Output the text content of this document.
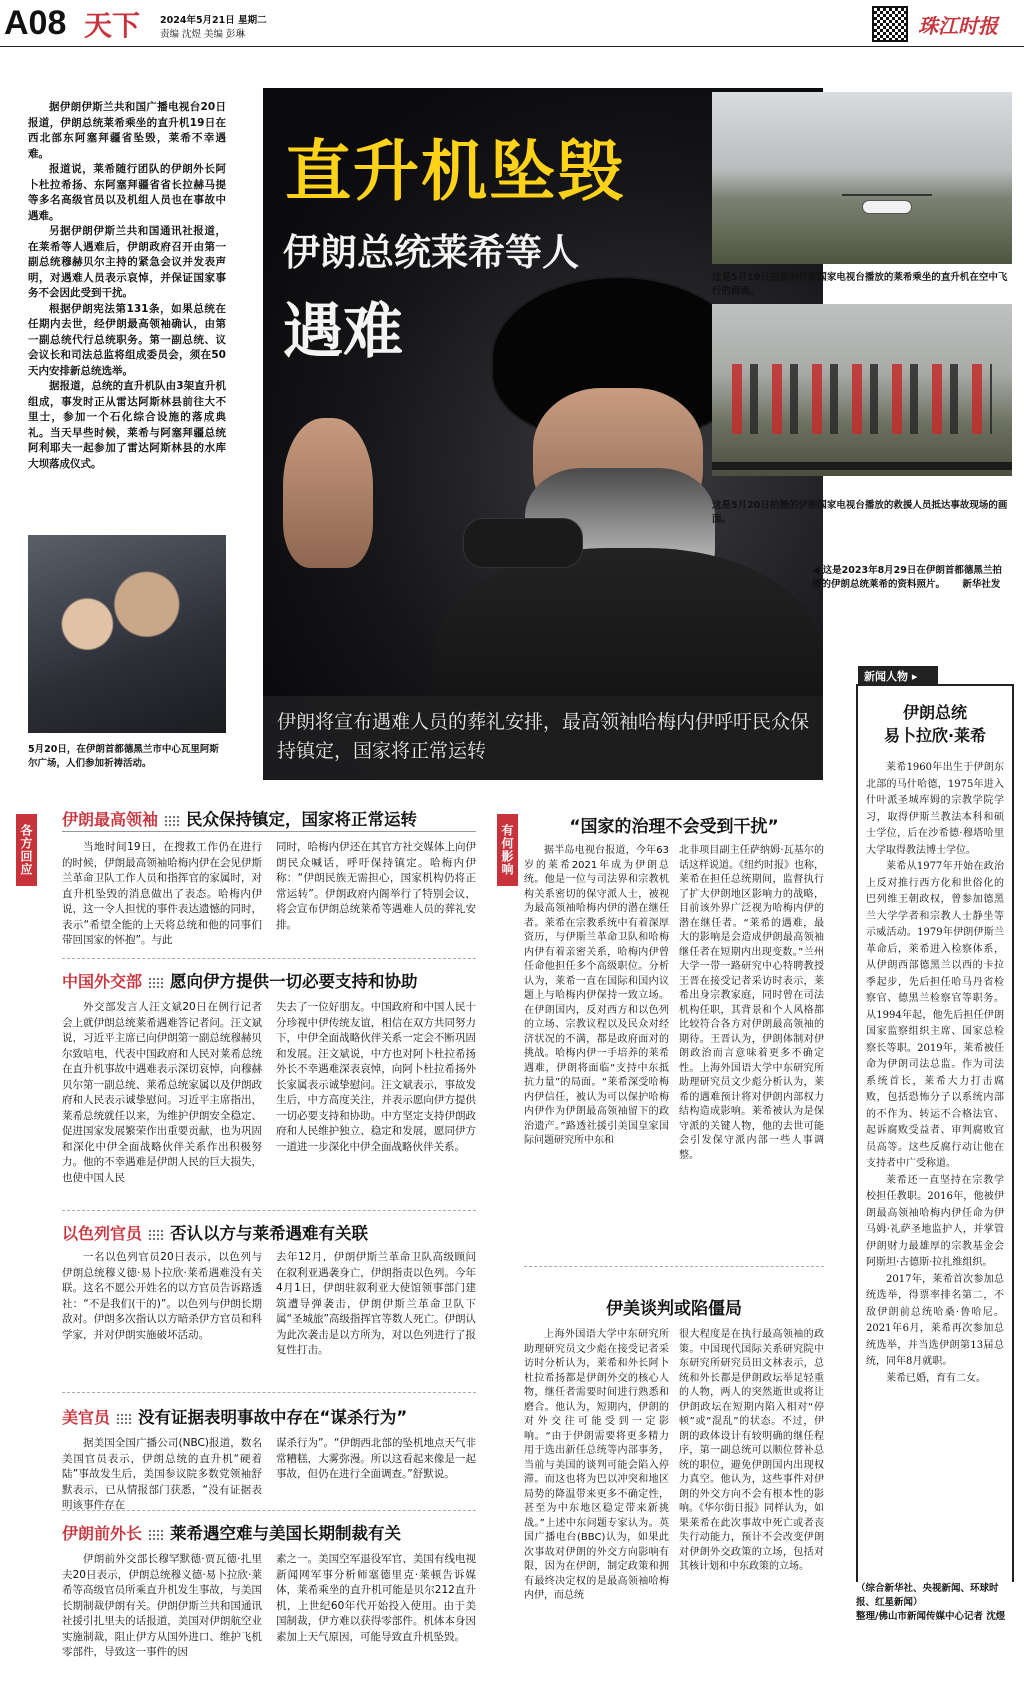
A08 天下 2024年5月21日 星期二
责编 沈煜 美编 彭琳	珠江时报

据伊朗伊斯兰共和国广播电视台20日报道，伊朗总统莱希乘坐的直升机19日在西北部东阿塞拜疆省坠毁，莱希不幸遇难。

报道说，莱希随行团队的伊朗外长阿卜杜拉希扬、东阿塞拜疆省省长拉赫马提等多名高级官员以及机组人员也在事故中遇难。

另据伊朗伊斯兰共和国通讯社报道，在莱希等人遇难后，伊朗政府召开由第一副总统穆赫贝尔主持的紧急会议并发表声明，对遇难人员表示哀悼，并保证国家事务不会因此受到干扰。

根据伊朗宪法第131条，如果总统在任期内去世，经伊朗最高领袖确认，由第一副总统代行总统职务。第一副总统、议会议长和司法总监将组成委员会，须在50天内安排新总统选举。

据报道，总统的直升机队由3架直升机组成，事发时正从雷达阿斯林县前往大不里士，参加一个石化综合设施的落成典礼。当天早些时候，莱希与阿塞拜疆总统阿利耶夫一起参加了雷达阿斯林县的水库大坝落成仪式。

5月20日，在伊朗首都德黑兰市中心瓦里阿斯尔广场，人们参加祈祷活动。
直升机坠毁
伊朗总统莱希等人
遇难
伊朗将宣布遇难人员的葬礼安排，最高领袖哈梅内伊呼吁民众保持镇定，国家将正常运转
这是5月19日拍摄的伊朗国家电视台播放的莱希乘坐的直升机在空中飞行的画面。
这是5月20日拍摄的伊朗国家电视台播放的救援人员抵达事故现场的画面。
◀ 这是2023年8月29日在伊朗首都德黑兰拍摄的伊朗总统莱希的资料照片。 新华社发
各方回应	有何影响
伊朗最高领袖 民众保持镇定，国家将正常运转

当地时间19日，在搜救工作仍在进行的时候，伊朗最高领袖哈梅内伊在会见伊斯兰革命卫队工作人员和指挥官的家属时，对直升机坠毁的消息做出了表态。哈梅内伊说，这一令人担忧的事件表达遗憾的同时，表示“希望全能的上天将总统和他的同事们带回国家的怀抱”。与此

同时，哈梅内伊还在其官方社交媒体上向伊朗民众喊话，呼吁保持镇定。哈梅内伊称：“伊朗民族无需担心，国家机构仍将正常运转”。伊朗政府内阁举行了特别会议，将会宣布伊朗总统莱希等遇难人员的葬礼安排。

中国外交部 愿向伊方提供一切必要支持和协助

外交部发言人汪文斌20日在例行记者会上就伊朗总统莱希遇难答记者问。汪文斌说，习近平主席已向伊朗第一副总统穆赫贝尔致唁电，代表中国政府和人民对莱希总统在直升机事故中遇难表示深切哀悼，向穆赫贝尔第一副总统、莱希总统家属以及伊朗政府和人民表示诚挚慰问。习近平主席指出，莱希总统就任以来，为维护伊朗安全稳定、促进国家发展繁荣作出重要贡献，也为巩固和深化中伊全面战略伙伴关系作出积极努力。他的不幸遇难是伊朗人民的巨大损失，也使中国人民

失去了一位好朋友。中国政府和中国人民十分珍视中伊传统友谊，相信在双方共同努力下，中伊全面战略伙伴关系一定会不断巩固和发展。汪文斌说，中方也对阿卜杜拉希扬外长不幸遇难深表哀悼，向阿卜杜拉希扬外长家属表示诚挚慰问。汪文斌表示，事故发生后，中方高度关注，并表示愿向伊方提供一切必要支持和协助。中方坚定支持伊朗政府和人民维护独立、稳定和发展，愿同伊方一道进一步深化中伊全面战略伙伴关系。

以色列官员 否认以方与莱希遇难有关联

一名以色列官员20日表示，以色列与伊朗总统穆义德·易卜拉欣·莱希遇难没有关联。这名不愿公开姓名的以方官员告诉路透社：“不是我们(干的)”。以色列与伊朗长期敌对。伊朗多次指认以方暗杀伊方官员和科学家，并对伊朗实施破坏活动。

去年12月，伊朗伊斯兰革命卫队高级顾问在叙利亚遇袭身亡，伊朗指责以色列。今年4月1日，伊朗驻叙利亚大使馆领事部门建筑遭导弹袭击，伊朗伊斯兰革命卫队下属“圣城旅”高级指挥官等数人死亡。伊朗认为此次袭击是以方所为，对以色列进行了报复性打击。

美官员 没有证据表明事故中存在“谋杀行为”

据美国全国广播公司(NBC)报道，数名美国官员表示，伊朗总统的直升机“硬着陆”事故发生后，美国参议院多数党领袖舒默表示，已从情报部门获悉，“没有证据表明该事件存在

谋杀行为”。“伊朗西北部的坠机地点天气非常糟糕，大雾弥漫。所以这看起来像是一起事故，但仍在进行全面调查。”舒默说。

伊朗前外长 莱希遇空难与美国长期制裁有关

伊朗前外交部长穆罕默德·贾瓦德·扎里夫20日表示，伊朗总统穆义德·易卜拉欣·莱希等高级官员所乘直升机发生事故，与美国长期制裁伊朗有关。伊朗伊斯兰共和国通讯社援引扎里夫的话报道，美国对伊朗航空业实施制裁，阻止伊方从国外进口、维护飞机零部件，导致这一事件的因

素之一。美国空军退役军官、美国有线电视新闻网军事分析师塞德里克·莱顿告诉媒体，莱希乘坐的直升机可能是贝尔212直升机，上世纪60年代开始投入使用。由于美国制裁，伊方难以获得零部件。机体本身因素加上天气原因，可能导致直升机坠毁。

“国家的治理不会受到干扰”

据半岛电视台报道，今年63岁的莱希2021年成为伊朗总统。他是一位与司法界和宗教机构关系密切的保守派人士，被视为最高领袖哈梅内伊的潜在继任者。莱希在宗教系统中有着深厚资历，与伊斯兰革命卫队和哈梅内伊有着亲密关系，哈梅内伊曾任命他担任多个高级职位。分析认为，莱希一直在国际和国内议题上与哈梅内伊保持一致立场。在伊朗国内，反对西方和以色列的立场、宗教议程以及民众对经济状况的不满，都是政府面对的挑战。哈梅内伊一手培养的莱希遇难，伊朗将面临“支持中东抵抗力量”的局面。“莱希深受哈梅内伊信任，被认为可以保护哈梅内伊作为伊朗最高领袖留下的政治遗产。”路透社援引美国皇家国际问题研究所中东和

北非项目副主任萨纳姆·瓦基尔的话这样说道。《纽约时报》也称，莱希在担任总统期间，监督执行了扩大伊朗地区影响力的战略，目前该外界广泛视为哈梅内伊的潜在继任者。“莱希的遇难，最大的影响是会造成伊朗最高领袖继任者在短期内出现变数。”兰州大学一带一路研究中心特聘教授王晋在接受记者采访时表示，莱希出身宗教家庭，同时曾在司法机构任职，其背景和个人风格都比较符合各方对伊朗最高领袖的期待。王晋认为，伊朗体制对伊朗政治而言意味着更多不确定性。上海外国语大学中东研究所助理研究员文少彪分析认为，莱希的遇难预计将对伊朗内部权力结构造成影响。莱希被认为是保守派的关键人物，他的去世可能会引发保守派内部一些人事调整。

伊美谈判或陷僵局

上海外国语大学中东研究所助理研究员文少彪在接受记者采访时分析认为，莱希和外长阿卜杜拉希扬都是伊朗外交的核心人物，继任者需要时间进行熟悉和磨合。他认为，短期内，伊朗的对外交往可能受到一定影响。“由于伊朗需要将更多精力用于选出新任总统等内部事务，当前与美国的谈判可能会陷入停滞。而这也将为巴以冲突和地区局势的降温带来更多不确定性，甚至为中东地区稳定带来新挑战。”上述中东问题专家认为。英国广播电台(BBC)认为，如果此次事故对伊朗的外交方向影响有限，因为在伊朗，制定政策和拥有最终决定权的是最高领袖哈梅内伊，而总统

很大程度是在执行最高领袖的政策。中国现代国际关系研究院中东研究所研究员田文林表示，总统和外长都是伊朗政坛举足轻重的人物，两人的突然逝世或将让伊朗政坛在短期内陷入相对“停顿”或“混乱”的状态。不过，伊朗的政体设计有较明确的继任程序，第一副总统可以顺位替补总统的职位，避免伊朗国内出现权力真空。他认为，这些事件对伊朗的外交方向不会有根本性的影响。《华尔街日报》同样认为，如果莱希在此次事故中死亡或者丧失行动能力，预计不会改变伊朗对伊朗外交政策的立场，包括对其核计划和中东政策的立场。

新闻人物 ▸
伊朗总统
易卜拉欣·莱希

莱希1960年出生于伊朗东北部的马什哈德，1975年进入什叶派圣城库姆的宗教学院学习，取得伊斯兰教法本科和硕士学位，后在沙希德·穆塔哈里大学取得教法博士学位。

莱希从1977年开始在政治上反对推行西方化和世俗化的巴列维王朝政权，曾参加德黑兰大学学者和宗教人士静坐等示威活动。1979年伊朗伊斯兰革命后，莱希进入检察体系，从伊朗西部德黑兰以西的卡拉季起步，先后担任哈马丹省检察官、德黑兰检察官等职务。从1994年起，他先后担任伊朗国家监察组织主席、国家总检察长等职。2019年，莱希被任命为伊朗司法总监。作为司法系统首长，莱希大力打击腐败，包括恐怖分子以系统内部的不作为、转运不合格法官、起诉腐败受益者、审判腐败官员高等。这些反腐行动让他在支持者中广受称道。

莱希还一直坚持在宗教学校担任教职。2016年，他被伊朗最高领袖哈梅内伊任命为伊马姆·礼萨圣地监护人，并掌管伊朗财力最雄厚的宗教基金会阿斯坦·古德斯·拉扎维组织。

2017年，莱希首次参加总统选举，得票率排名第二，不敌伊朗前总统哈桑·鲁哈尼。2021年6月，莱希再次参加总统选举，并当选伊朗第13届总统，同年8月就职。

莱希已婚，育有二女。

（综合新华社、央视新闻、环球时报、红星新闻）
整理/佛山市新闻传媒中心记者 沈煜
